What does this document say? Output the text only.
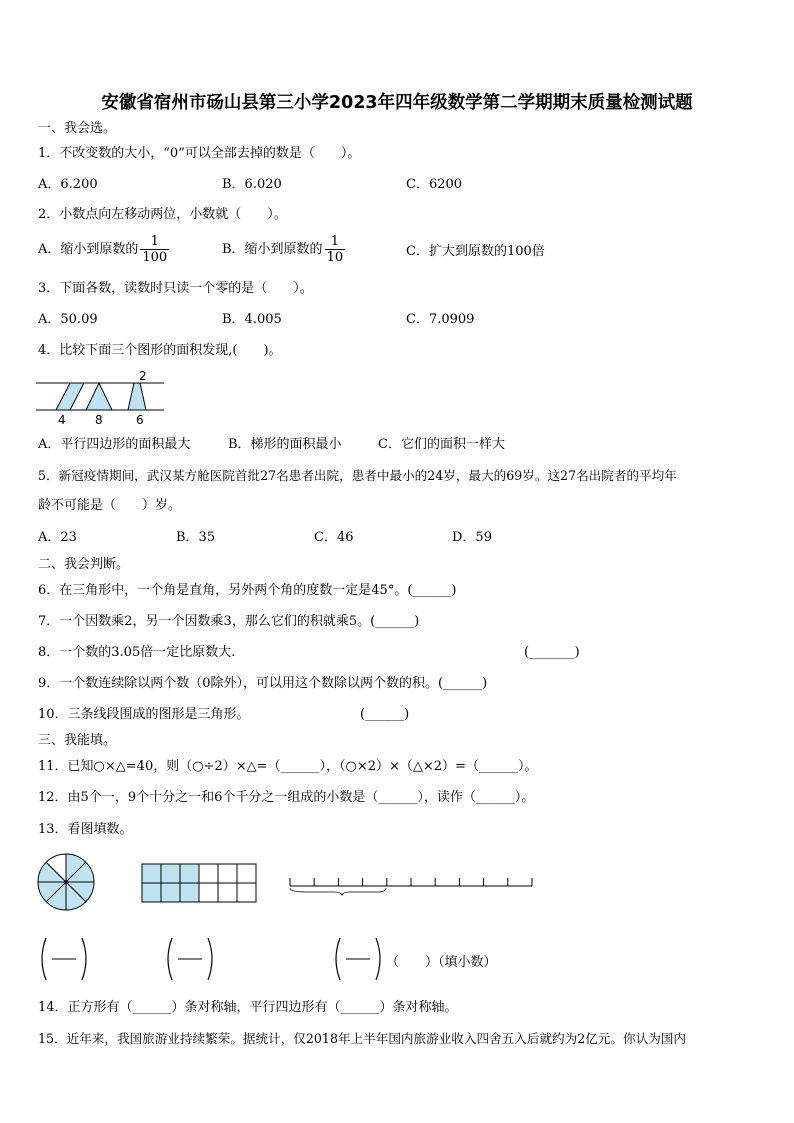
安徽省宿州市砀山县第三小学2023年四年级数学第二学期期末质量检测试题
一、我会选。
1．不改变数的大小，“0”可以全部去掉的数是（　　）。
A．6.200	B．6.020	C．6200
2．小数点向左移动两位，小数就（　　）。
A．缩小到原数的 $\frac{1}{100}$	B．缩小到原数的 $\frac{1}{10}$	C．扩大到原数的100倍
3．下面各数，读数时只读一个零的是（　　）。
A．50.09	B．4.005	C．7.0909
4．比较下面三个图形的面积发现,(　　)。
4 8	6
2
A．平行四边形的面积最大	B．梯形的面积最小	C．它们的面积一样大
5．新冠疫情期间，武汉某方舱医院首批27名患者出院，患者中最小的24岁，最大的69岁。这27名出院者的平均年
龄不可能是（　　）岁。
A．23	B．35	C．46	D．59
二、我会判断。
6．在三角形中，一个角是直角，另外两个角的度数一定是45°。(______)
7．一个因数乘2，另一个因数乘3，那么它们的积就乘5。(______)
8．一个数的3.05倍一定比原数大.	(_______)
9．一个数连续除以两个数（0除外），可以用这个数除以两个数的积。(______)
10．三条线段围成的图形是三角形。	(______)
三、我能填。
11．已知○×△=40，则（○÷2）×△=（______），（○×2）×（△×2）=（______）。
12．由5个一，9个十分之一和6个千分之一组成的小数是（______），读作（______）。
13．看图填数。
（　　）（填小数）
14．正方形有（______）条对称轴，平行四边形有（______）条对称轴。
15．近年来，我国旅游业持续繁荣。据统计，仅2018年上半年国内旅游业收入四舍五入后就约为2亿元。你认为国内
